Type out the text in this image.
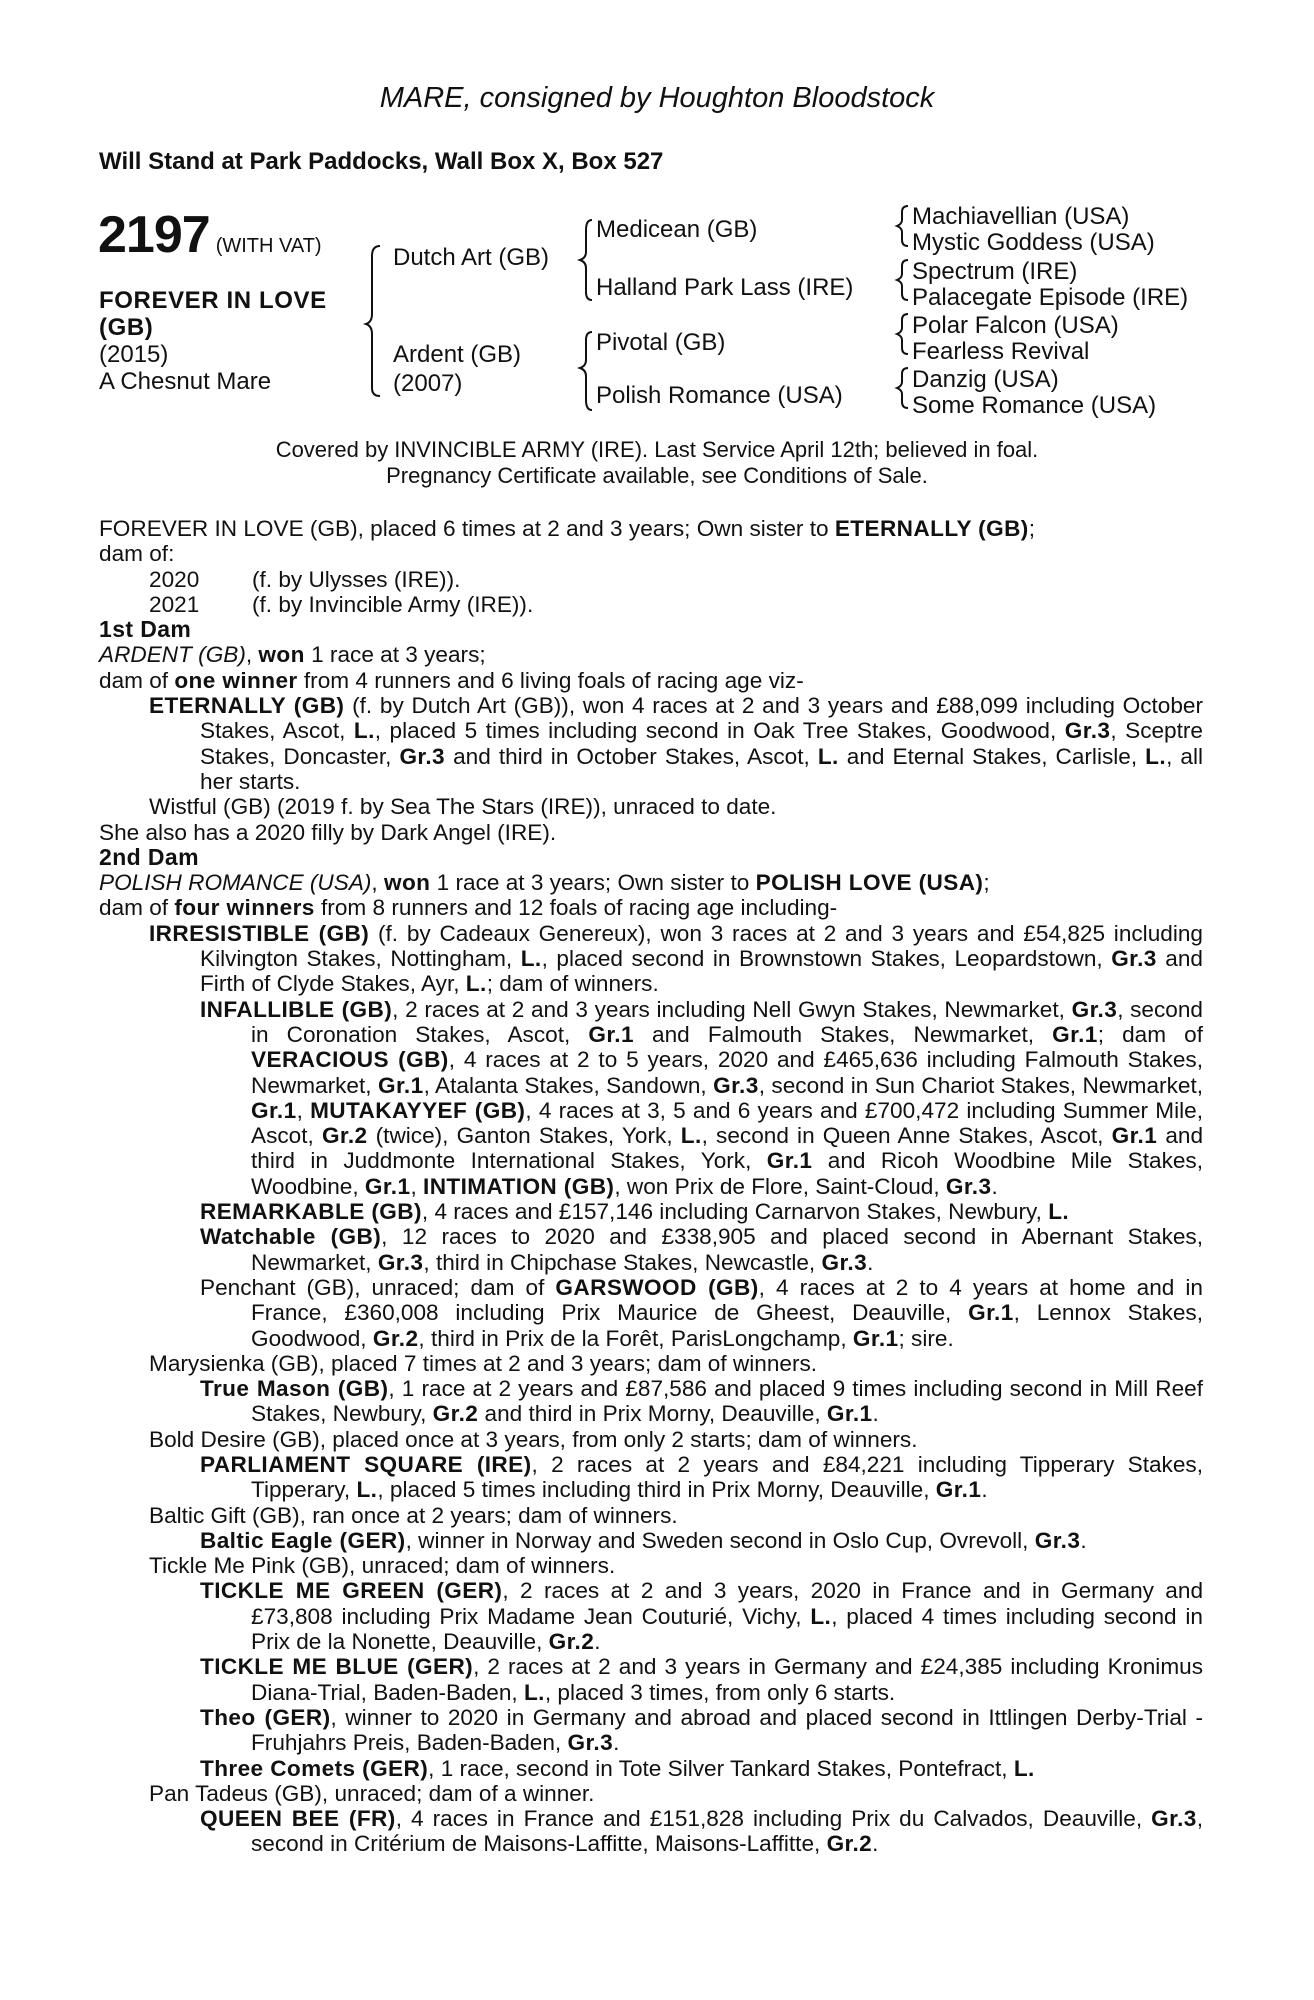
MARE, consigned by Houghton Bloodstock
Will Stand at Park Paddocks, Wall Box X, Box 527
2197 (WITH VAT)
FOREVER IN LOVE
(GB)
(2015)
A Chesnut Mare
Dutch Art (GB)
Ardent (GB)
(2007)
Medicean (GB)
Halland Park Lass (IRE)
Pivotal (GB)
Polish Romance (USA)
Machiavellian (USA)
Mystic Goddess (USA)
Spectrum (IRE)
Palacegate Episode (IRE)
Polar Falcon (USA)
Fearless Revival
Danzig (USA)
Some Romance (USA)
Covered by INVINCIBLE ARMY (IRE). Last Service April 12th; believed in foal.
Pregnancy Certificate available, see Conditions of Sale.

FOREVER IN LOVE (GB), placed 6 times at 2 and 3 years; Own sister to ETERNALLY (GB);

dam of:

2020 (f. by Ulysses (IRE)).

2021 (f. by Invincible Army (IRE)).

1st Dam

ARDENT (GB), won 1 race at 3 years;

dam of one winner from 4 runners and 6 living foals of racing age viz-

ETERNALLY (GB) (f. by Dutch Art (GB)), won 4 races at 2 and 3 years and £88,099 including October Stakes, Ascot, L., placed 5 times including second in Oak Tree Stakes, Goodwood, Gr.3, Sceptre Stakes, Doncaster, Gr.3 and third in October Stakes, Ascot, L. and Eternal Stakes, Carlisle, L., all her starts.

Wistful (GB) (2019 f. by Sea The Stars (IRE)), unraced to date.

She also has a 2020 filly by Dark Angel (IRE).

2nd Dam

POLISH ROMANCE (USA), won 1 race at 3 years; Own sister to POLISH LOVE (USA);

dam of four winners from 8 runners and 12 foals of racing age including-

IRRESISTIBLE (GB) (f. by Cadeaux Genereux), won 3 races at 2 and 3 years and £54,825 including Kilvington Stakes, Nottingham, L., placed second in Brownstown Stakes, Leopardstown, Gr.3 and Firth of Clyde Stakes, Ayr, L.; dam of winners.

INFALLIBLE (GB), 2 races at 2 and 3 years including Nell Gwyn Stakes, Newmarket, Gr.3, second in Coronation Stakes, Ascot, Gr.1 and Falmouth Stakes, Newmarket, Gr.1; dam of VERACIOUS (GB), 4 races at 2 to 5 years, 2020 and £465,636 including Falmouth Stakes, Newmarket, Gr.1, Atalanta Stakes, Sandown, Gr.3, second in Sun Chariot Stakes, Newmarket, Gr.1, MUTAKAYYEF (GB), 4 races at 3, 5 and 6 years and £700,472 including Summer Mile, Ascot, Gr.2 (twice), Ganton Stakes, York, L., second in Queen Anne Stakes, Ascot, Gr.1 and third in Juddmonte International Stakes, York, Gr.1 and Ricoh Woodbine Mile Stakes, Woodbine, Gr.1, INTIMATION (GB), won Prix de Flore, Saint-Cloud, Gr.3.

REMARKABLE (GB), 4 races and £157,146 including Carnarvon Stakes, Newbury, L.

Watchable (GB), 12 races to 2020 and £338,905 and placed second in Abernant Stakes, Newmarket, Gr.3, third in Chipchase Stakes, Newcastle, Gr.3.

Penchant (GB), unraced; dam of GARSWOOD (GB), 4 races at 2 to 4 years at home and in France, £360,008 including Prix Maurice de Gheest, Deauville, Gr.1, Lennox Stakes, Goodwood, Gr.2, third in Prix de la Forêt, ParisLongchamp, Gr.1; sire.

Marysienka (GB), placed 7 times at 2 and 3 years; dam of winners.

True Mason (GB), 1 race at 2 years and £87,586 and placed 9 times including second in Mill Reef Stakes, Newbury, Gr.2 and third in Prix Morny, Deauville, Gr.1.

Bold Desire (GB), placed once at 3 years, from only 2 starts; dam of winners.

PARLIAMENT SQUARE (IRE), 2 races at 2 years and £84,221 including Tipperary Stakes, Tipperary, L., placed 5 times including third in Prix Morny, Deauville, Gr.1.

Baltic Gift (GB), ran once at 2 years; dam of winners.

Baltic Eagle (GER), winner in Norway and Sweden second in Oslo Cup, Ovrevoll, Gr.3.

Tickle Me Pink (GB), unraced; dam of winners.

TICKLE ME GREEN (GER), 2 races at 2 and 3 years, 2020 in France and in Germany and £73,808 including Prix Madame Jean Couturié, Vichy, L., placed 4 times including second in Prix de la Nonette, Deauville, Gr.2.

TICKLE ME BLUE (GER), 2 races at 2 and 3 years in Germany and £24,385 including Kronimus Diana-Trial, Baden-Baden, L., placed 3 times, from only 6 starts.

Theo (GER), winner to 2020 in Germany and abroad and placed second in Ittlingen Derby-Trial - Fruhjahrs Preis, Baden-Baden, Gr.3.

Three Comets (GER), 1 race, second in Tote Silver Tankard Stakes, Pontefract, L.

Pan Tadeus (GB), unraced; dam of a winner.

QUEEN BEE (FR), 4 races in France and £151,828 including Prix du Calvados, Deauville, Gr.3, second in Critérium de Maisons-Laffitte, Maisons-Laffitte, Gr.2.
